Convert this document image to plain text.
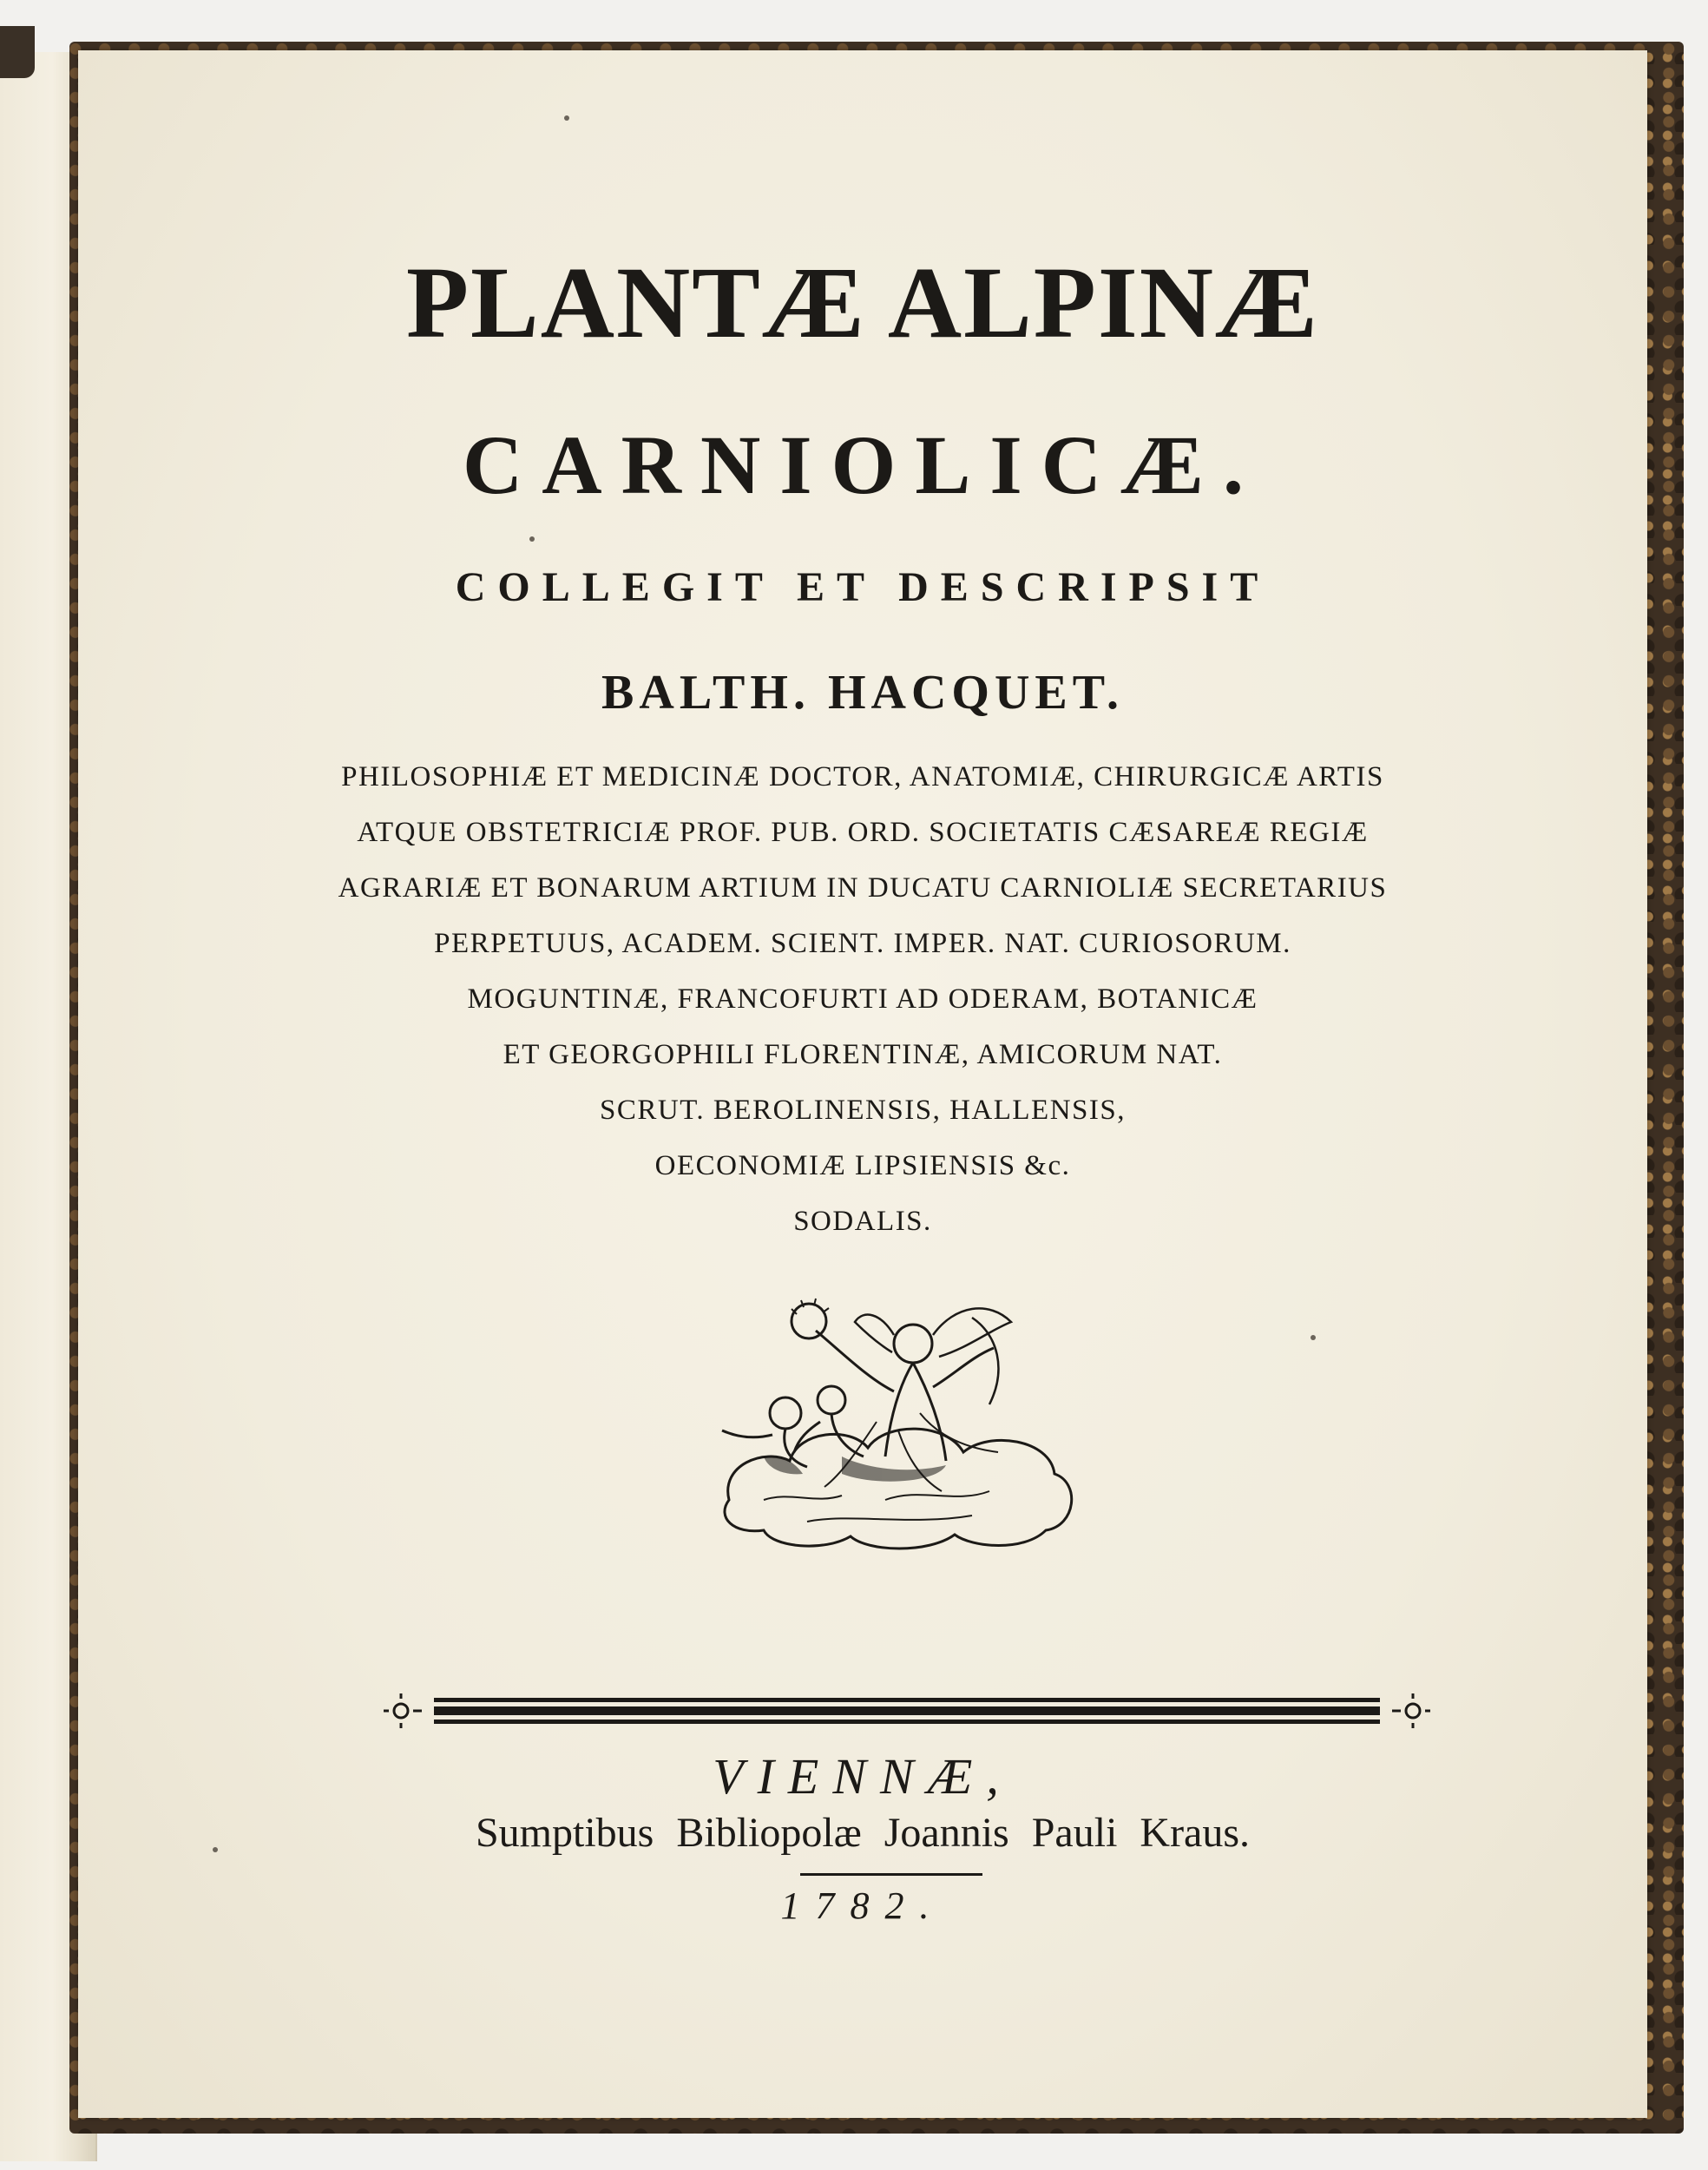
PLANTÆ ALPINÆ
CARNIOLICÆ.
COLLEGIT ET DESCRIPSIT
BALTH. HACQUET.
PHILOSOPHIÆ ET MEDICINÆ DOCTOR, ANATOMIÆ, CHIRURGICÆ ARTIS
ATQUE OBSTETRICIÆ PROF. PUB. ORD. SOCIETATIS CÆSAREÆ REGIÆ
AGRARIÆ ET BONARUM ARTIUM IN DUCATU CARNIOLIÆ SECRETARIUS
PERPETUUS, ACADEM. SCIENT. IMPER. NAT. CURIOSORUM.
MOGUNTINÆ, FRANCOFURTI AD ODERAM, BOTANICÆ
ET GEORGOPHILI FLORENTINÆ, AMICORUM NAT.
SCRUT. BEROLINENSIS, HALLENSIS,
OECONOMIÆ LIPSIENSIS &c.
SODALIS.
VIENNÆ,
Sumptibus Bibliopolæ Joannis Pauli Kraus.
1782.
